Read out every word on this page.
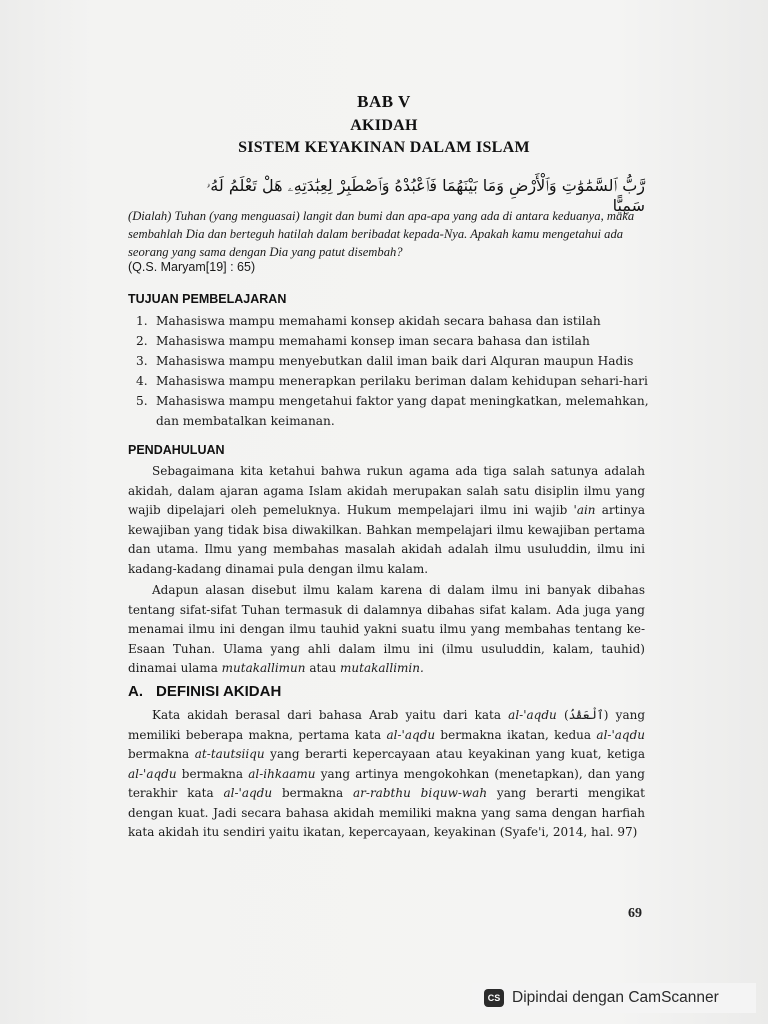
BAB V
AKIDAH
SISTEM KEYAKINAN DALAM ISLAM
رَّبُّ ٱلسَّمَٰوَٰتِ وَٱلْأَرْضِ وَمَا بَيْنَهُمَا فَٱعْبُدْهُ وَٱصْطَبِرْ لِعِبَٰدَتِهِۦ هَلْ تَعْلَمُ لَهُۥ سَمِيًّا
(Dialah) Tuhan (yang menguasai) langit dan bumi dan apa-apa yang ada di antara keduanya, maka sembahlah Dia dan berteguh hatilah dalam beribadat kepada-Nya. Apakah kamu mengetahui ada seorang yang sama dengan Dia yang patut disembah?
(Q.S. Maryam[19] : 65)
TUJUAN PEMBELAJARAN
1. Mahasiswa mampu memahami konsep akidah secara bahasa dan istilah
2. Mahasiswa mampu memahami konsep iman secara bahasa dan istilah
3. Mahasiswa mampu menyebutkan dalil iman baik dari Alquran maupun Hadis
4. Mahasiswa mampu menerapkan perilaku beriman dalam kehidupan sehari-hari
5. Mahasiswa mampu mengetahui faktor yang dapat meningkatkan, melemahkan, dan membatalkan keimanan.
PENDAHULUAN

Sebagaimana kita ketahui bahwa rukun agama ada tiga salah satunya adalah akidah, dalam ajaran agama Islam akidah merupakan salah satu disiplin ilmu yang wajib dipelajari oleh pemeluknya. Hukum mempelajari ilmu ini wajib 'ain artinya kewajiban yang tidak bisa diwakilkan. Bahkan mempelajari ilmu kewajiban pertama dan utama. Ilmu yang membahas masalah akidah adalah ilmu usuluddin, ilmu ini kadang-kadang dinamai pula dengan ilmu kalam.

Adapun alasan disebut ilmu kalam karena di dalam ilmu ini banyak dibahas tentang sifat-sifat Tuhan termasuk di dalamnya dibahas sifat kalam. Ada juga yang menamai ilmu ini dengan ilmu tauhid yakni suatu ilmu yang membahas tentang ke-Esaan Tuhan. Ulama yang ahli dalam ilmu ini (ilmu usuluddin, kalam, tauhid) dinamai ulama mutakallimun atau mutakallimin.

A. DEFINISI AKIDAH

Kata akidah berasal dari bahasa Arab yaitu dari kata al-'aqdu (ٱلْعَقْدُ) yang memiliki beberapa makna, pertama kata al-'aqdu bermakna ikatan, kedua al-'aqdu bermakna at-tautsiiqu yang berarti kepercayaan atau keyakinan yang kuat, ketiga al-'aqdu bermakna al-ihkaamu yang artinya mengokohkan (menetapkan), dan yang terakhir kata al-'aqdu bermakna ar-rabthu biquw-wah yang berarti mengikat dengan kuat. Jadi secara bahasa akidah memiliki makna yang sama dengan harfiah kata akidah itu sendiri yaitu ikatan, kepercayaan, keyakinan (Syafe'i, 2014, hal. 97)

69
CS Dipindai dengan CamScanner
